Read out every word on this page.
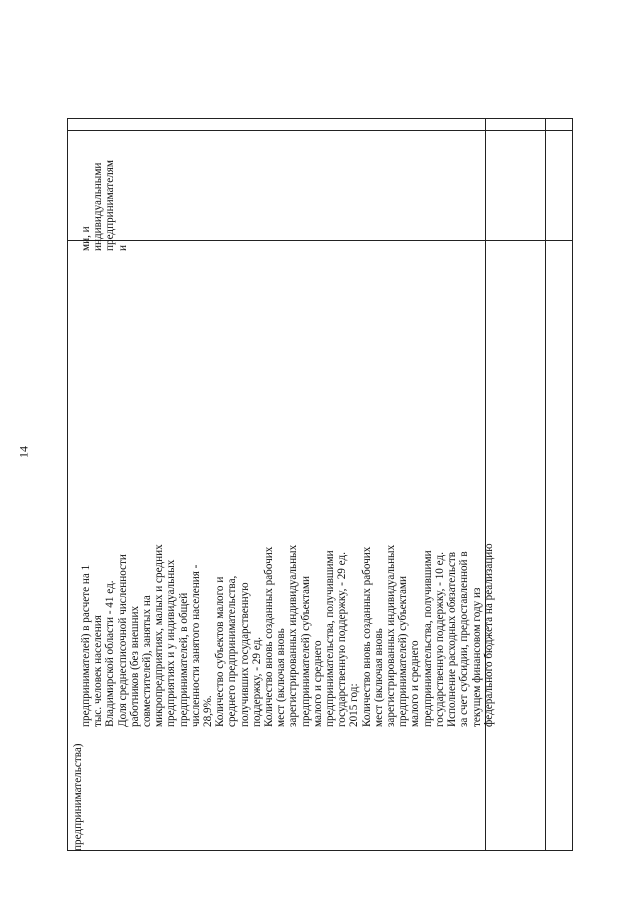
14
предпринимательства)
ми, и индивидуальными предпринимателям и
предпринимателей) в расчете на 1 тыс. человек населения Владимирской области - 41 ед. Доля среднесписочной численности работников (без внешних совместителей), занятых на микропредприятиях, малых и средних предприятиях и у индивидуальных предпринимателей, в общей численности занятого населения - 28,9%. Количество субъектов малого и среднего предпринимательства, получивших государственную поддержку, - 29 ед. Количество вновь созданных рабочих мест (включая вновь зарегистрированных индивидуальных предпринимателей) субъектами малого и среднего предпринимательства, получившими государственную поддержку, - 29 ед. 2015 год: Количество вновь созданных рабочих мест (включая вновь зарегистрированных индивидуальных предпринимателей) субъектами малого и среднего предпринимательства, получившими государственную поддержку, - 10 ед. Исполнение расходных обязательств за счет субсидии, предоставленной в текущем финансовом году из федерального бюджета на реализацию
